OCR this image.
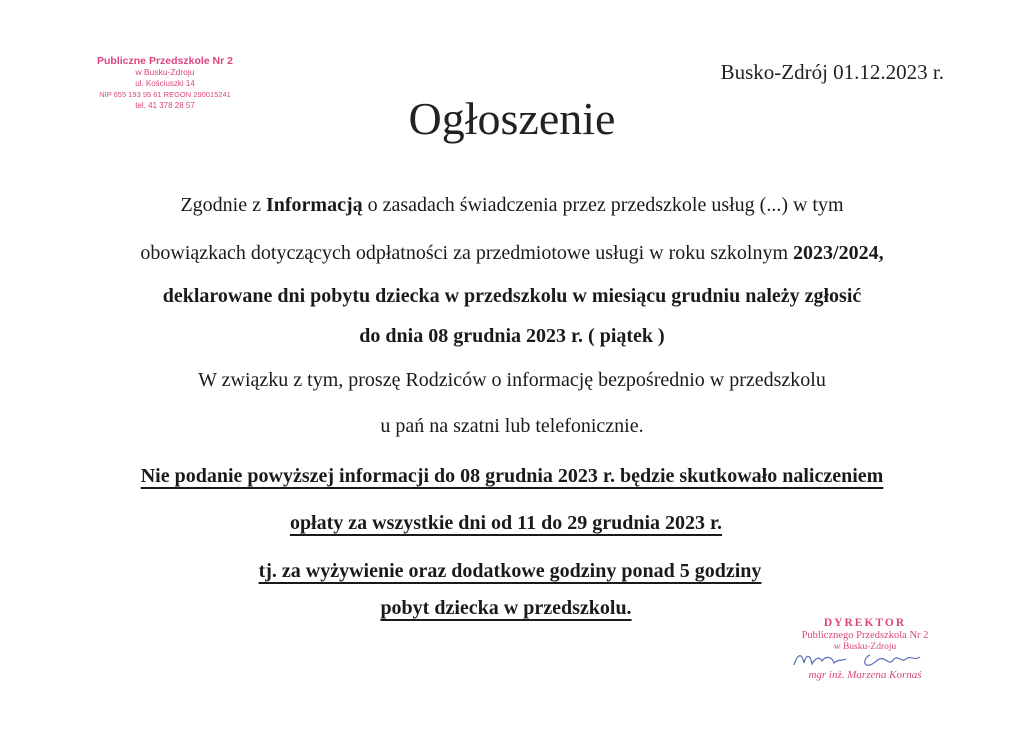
Publiczne Przedszkole Nr 2
w Busku-Zdroju
ul. Kościuszki 14
NIP 655 193 95 61 REGON 290015241
tel. 41 378 28 57
Busko-Zdrój 01.12.2023 r.
Ogłoszenie
Zgodnie z Informacją o zasadach świadczenia przez przedszkole usług (...) w tym
obowiązkach dotyczących odpłatności za przedmiotowe usługi w roku szkolnym 2023/2024,
deklarowane dni pobytu dziecka w przedszkolu w miesiącu grudniu należy zgłosić
do dnia 08 grudnia 2023 r. ( piątek )
W związku z tym, proszę Rodziców o informację bezpośrednio w przedszkolu
u pań na szatni lub telefonicznie.
Nie podanie powyższej informacji do 08 grudnia 2023 r. będzie skutkowało naliczeniem
opłaty za wszystkie dni od 11 do 29 grudnia 2023 r.
tj. za wyżywienie oraz dodatkowe godziny ponad 5 godziny
pobyt dziecka w przedszkolu.
DYREKTOR
Publicznego Przedszkola Nr 2
w Busku-Zdroju
mgr inż. Marzena Kornaś
